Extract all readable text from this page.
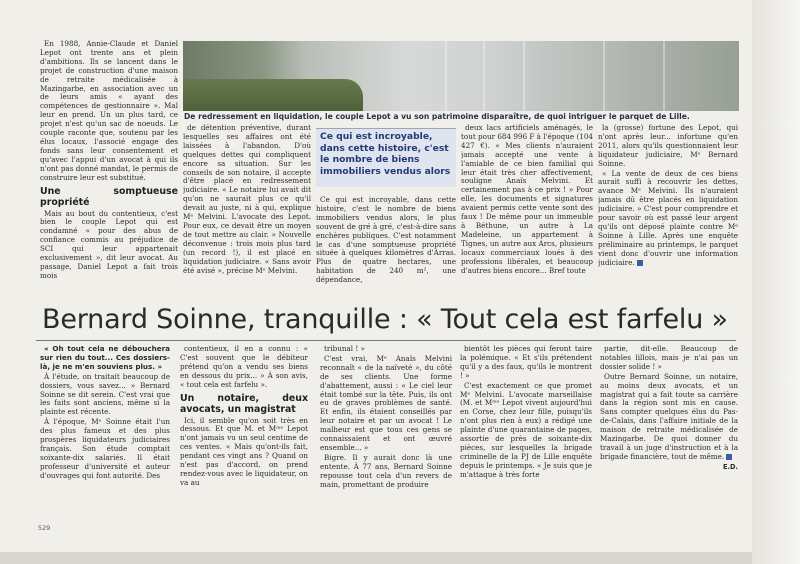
De redressement en liquidation, le couple Lepot a vu son patrimoine disparaître, de quoi intriguer le parquet de Lille.

En 1988, Annie-Claude et Daniel Lepot ont trente ans et plein d'ambitions. Ils se lancent dans le projet de construction d'une maison de retraite médicalisée à Mazingarbe, en association avec un de leurs amis « ayant des compétences de gestionnaire ». Mal leur en prend. Un un plus tard, ce projet n'est qu'un sac de noeuds. Le couple raconte que, soutenu par les élus locaux, l'associé engage des fonds sans leur consentement et qu'avec l'appui d'un avocat à qui ils n'ont pas donné mandat, le permis de construire leur est substitué.

Une somptueuse propriété

Mais au bout du contentieux, c'est bien le couple Lepot qui est condamné « pour des abus de confiance commis au préjudice de SCI qui leur appartenait exclusivement », dit leur avocat. Au passage, Daniel Lepot a fait trois mois

de détention préventive, durant lesquelles ses affaires ont été laissées à l'abandon. D'où quelques dettes qui compliquent encore sa situation. Sur les conseils de son notaire, il accepte d'être placé en redressement judiciaire. « Le notaire lui avait dit qu'on ne saurait plus ce qu'il devait au juste, ni à qui, explique Mᵉ Melvini. L'avocate des Lepot. Pour eux, ce devait être un moyen de tout mettre au clair. » Nouvelle déconvenue : trois mois plus tard (un record !), il est placé en liquidation judiciaire. « Sans avoir été avisé », précise Mᵉ Melvini.

Ce qui est incroyable, dans cette histoire, c'est le nombre de biens immobiliers vendus alors

Ce qui est incroyable, dans cette histoire, c'est le nombre de biens immobiliers vendus alors, le plus souvent de gré à gré, c'est-à-dire sans enchères publiques. C'est notamment le cas d'une somptueuse propriété située à quelques kilomètres d'Arras. Plus de quatre hectares, une habitation de 240 m², une dépendance,

deux lacs artificiels aménagés, le tout pour 684 996 F à l'époque (104 427 €). « Mes clients n'auraient jamais accepté une vente à l'amiable de ce bien familial qui leur était très cher affectivement, souligne Anaïs Melvini. Et certainement pas à ce prix ! » Pour elle, les documents et signatures avaient permis cette vente sont des faux ! De même pour un immeuble à Béthune, un autre à La Madeleine, un appartement à Tignes, un autre aux Arcs, plusieurs locaux commerciaux loués à des professions libérales, et beaucoup d'autres biens encore... Bref toute

la (grosse) fortune des Lepot, qui n'ont après leur... infortune qu'en 2011, alors qu'ils questionnaient leur liquidateur judiciaire, Mᵉ Bernard Soinne.

« La vente de deux de ces biens aurait suffi à recouvrir les dettes, avance Mᵉ Melvini. Ils n'auraient jamais dû être placés en liquidation judiciaire. » C'est pour comprendre et pour savoir où est passé leur argent qu'ils ont déposé plainte contre Mᵉ Soinne à Lille. Après une enquête préliminaire au printemps, le parquet vient donc d'ouvrir une information judiciaire.

Bernard Soinne, tranquille : « Tout cela est farfelu »

« Oh tout cela ne débouchera sur rien du tout... Ces dossiers-là, je ne m'en souviens plus. »

À l'étude, on traitait beaucoup de dossiers, vous savez... » Bernard Soinne se dit serein. C'est vrai que les faits sont anciens, même si la plainte est récente.

À l'époque, Mᵉ Soinne était l'un des plus fameux et des plus prospères liquidateurs judiciaires français. Son étude comptait soixante-dix salariés. Il était professeur d'université et auteur d'ouvrages qui font autorité. Des

contentieux, il en a connu : « C'est souvent que le débiteur prétend qu'on a vendu ses biens en dessous du prix... » À son avis, « tout cela est farfelu ».

Un notaire, deux avocats, un magistrat

Ici, il semble qu'on soit très en dessous. Et que M. et Mᵐᵉ Lepot n'ont jamais vu un seul centime de ces ventes. « Mais qu'ont-ils fait, pendant ces vingt ans ? Quand on n'est pas d'accord, on prend rendez-vous avec le liquidateur, on va au

tribunal ! »

C'est vrai, Mᵉ Anaïs Melvini reconnaît « de la naïveté », du côté de ses clients. Une forme d'abattement, aussi : « Le ciel leur était tombé sur la tête. Puis, ils ont eu de graves problèmes de santé. Et enfin, ils étaient conseillés par leur notaire et par un avocat ! Le malheur est que tous ces gens se connaissaient et ont œuvré ensemble... »

Bigre. Il y aurait donc là une entente. À 77 ans, Bernard Soinne repousse tout cela d'un revers de main, promettant de produire

bientôt les pièces qui feront taire la polémique. « Et s'ils prétendent qu'il y a des faux, qu'ils le montrent ! »

C'est exactement ce que promet Mᵉ Melvini. L'avocate marseillaise (M. et Mᵐᵉ Lepot vivent aujourd'hui en Corse, chez leur fille, puisqu'ils n'ont plus rien à eux) a rédigé une plainte d'une quarantaine de pages, assortie de près de soixante-dix pièces, sur lesquelles la brigade criminelle de la PJ de Lille enquête depuis le printemps. « Je suis que je m'attaque à très forte

partie, dit-elle. Beaucoup de notables lillois, mais je n'ai pas un dossier solide ! »

Outre Bernard Soinne, un notaire, au moins deux avocats, et un magistrat qui a fait toute sa carrière dans la région sont mis en cause. Sans compter quelques élus du Pas-de-Calais, dans l'affaire initiale de la maison de retraite médicalisée de Mazingarbe. De quoi donner du travail à un juge d'instruction et à la brigade financière, tout de même.

E.D.

529
